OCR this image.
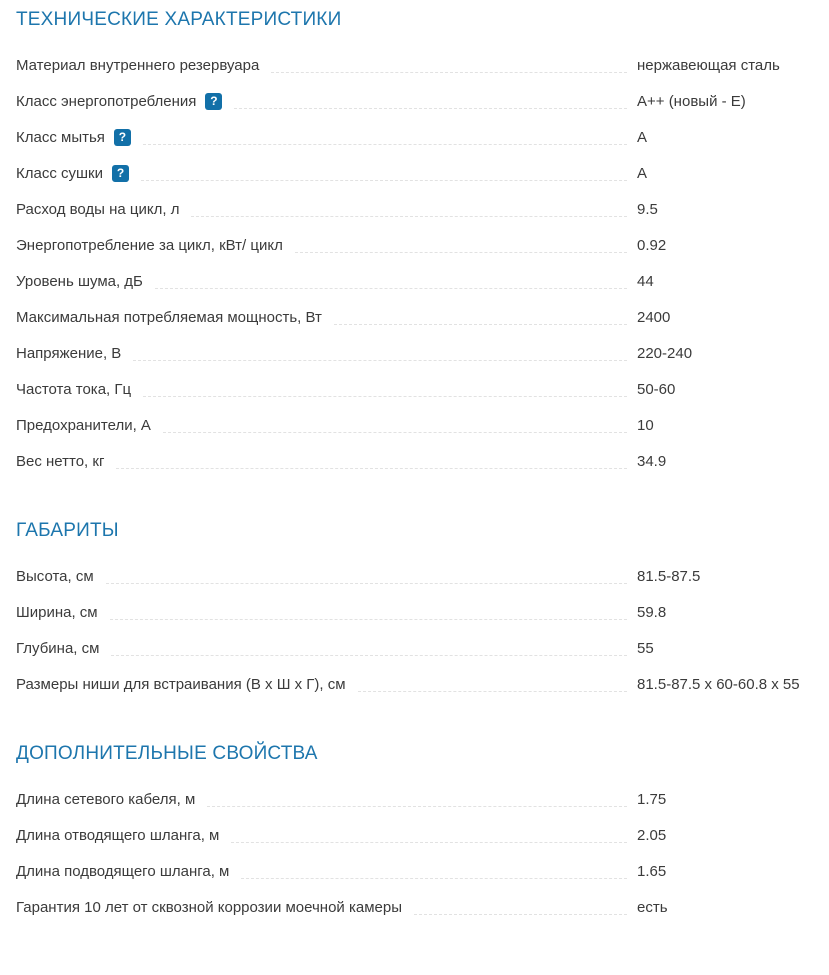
ТЕХНИЧЕСКИЕ ХАРАКТЕРИСТИКИ
Материал внутреннего резервуара	нержавеющая сталь
Класс энергопотребления	?	А++ (новый - Е)
Класс мытья	?	А
Класс сушки	?	А
Расход воды на цикл, л	9.5
Энергопотребление за цикл, кВт/ цикл	0.92
Уровень шума, дБ	44
Максимальная потребляемая мощность, Вт	2400
Напряжение, В	220-240
Частота тока, Гц	50-60
Предохранители, А	10
Вес нетто, кг	34.9
ГАБАРИТЫ
Высота, см	81.5-87.5
Ширина, см	59.8
Глубина, см	55
Размеры ниши для встраивания (В х Ш х Г), см	81.5-87.5 x 60-60.8 x 55
ДОПОЛНИТЕЛЬНЫЕ СВОЙСТВА
Длина сетевого кабеля, м	1.75
Длина отводящего шланга, м	2.05
Длина подводящего шланга, м	1.65
Гарантия 10 лет от сквозной коррозии моечной камеры	есть
